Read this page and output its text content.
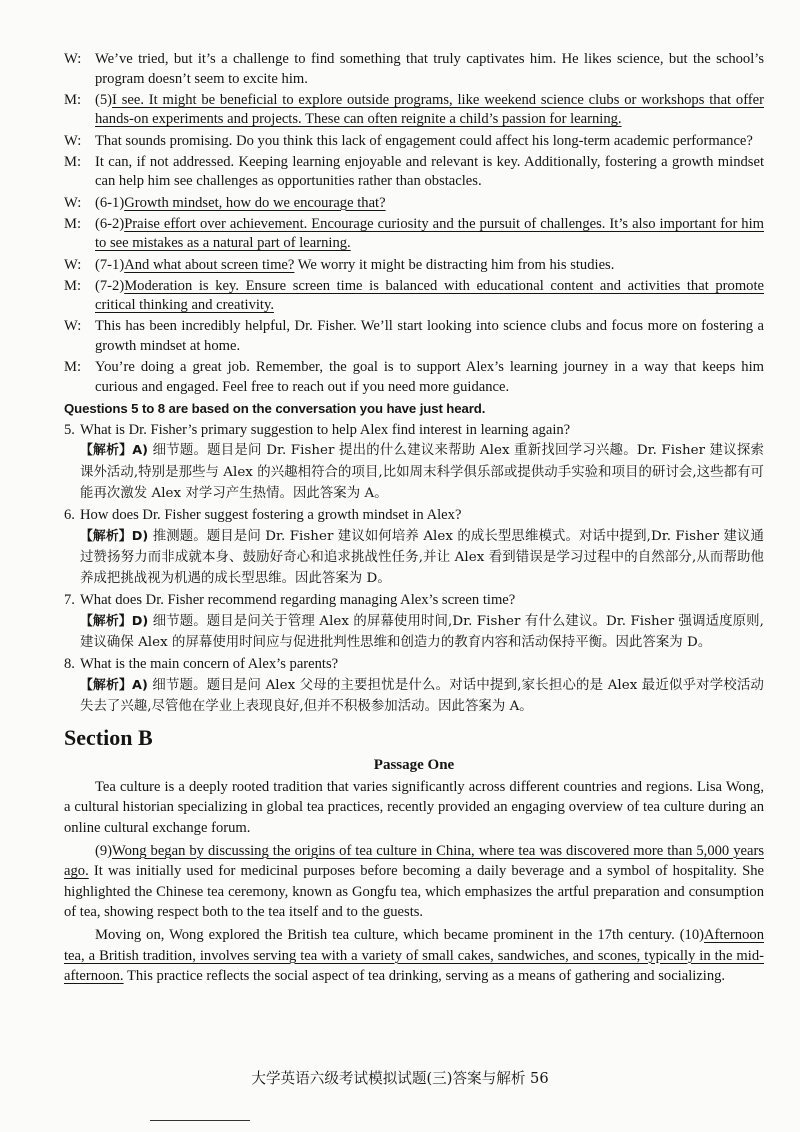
W: We’ve tried, but it’s a challenge to find something that truly captivates him. He likes science, but the school’s program doesn’t seem to excite him.
M: (5)I see. It might be beneficial to explore outside programs, like weekend science clubs or workshops that offer hands-on experiments and projects. These can often reignite a child’s passion for learning.
W: That sounds promising. Do you think this lack of engagement could affect his long-term academic performance?
M: It can, if not addressed. Keeping learning enjoyable and relevant is key. Additionally, fostering a growth mindset can help him see challenges as opportunities rather than obstacles.
W: (6-1)Growth mindset, how do we encourage that?
M: (6-2)Praise effort over achievement. Encourage curiosity and the pursuit of challenges. It’s also important for him to see mistakes as a natural part of learning.
W: (7-1)And what about screen time? We worry it might be distracting him from his studies.
M: (7-2)Moderation is key. Ensure screen time is balanced with educational content and activities that promote critical thinking and creativity.
W: This has been incredibly helpful, Dr. Fisher. We’ll start looking into science clubs and focus more on fostering a growth mindset at home.
M: You’re doing a great job. Remember, the goal is to support Alex’s learning journey in a way that keeps him curious and engaged. Feel free to reach out if you need more guidance.
Questions 5 to 8 are based on the conversation you have just heard.
5. What is Dr. Fisher’s primary suggestion to help Alex find interest in learning again?
【解析】A) 细节题。题目是问 Dr. Fisher 提出的什么建议来帮助 Alex 重新找回学习兴趣。Dr. Fisher 建议探索课外活动,特别是那些与 Alex 的兴趣相符合的项目,比如周末科学俱乐部或提供动手实验和项目的研讨会,这些都有可能再次激发 Alex 对学习产生热情。因此答案为 A。
6. How does Dr. Fisher suggest fostering a growth mindset in Alex?
【解析】D) 推测题。题目是问 Dr. Fisher 建议如何培养 Alex 的成长型思维模式。对话中提到,Dr. Fisher 建议通过赞扬努力而非成就本身、鼓励好奇心和追求挑战性任务,并让 Alex 看到错误是学习过程中的自然部分,从而帮助他养成把挑战视为机遇的成长型思维。因此答案为 D。
7. What does Dr. Fisher recommend regarding managing Alex’s screen time?
【解析】D) 细节题。题目是问关于管理 Alex 的屏幕使用时间,Dr. Fisher 有什么建议。Dr. Fisher 强调适度原则,建议确保 Alex 的屏幕使用时间应与促进批判性思维和创造力的教育内容和活动保持平衡。因此答案为 D。
8. What is the main concern of Alex’s parents?
【解析】A) 细节题。题目是问 Alex 父母的主要担忧是什么。对话中提到,家长担心的是 Alex 最近似乎对学校活动失去了兴趣,尽管他在学业上表现良好,但并不积极参加活动。因此答案为 A。
Section B
Passage One
Tea culture is a deeply rooted tradition that varies significantly across different countries and regions. Lisa Wong, a cultural historian specializing in global tea practices, recently provided an engaging overview of tea culture during an online cultural exchange forum.
(9)Wong began by discussing the origins of tea culture in China, where tea was discovered more than 5,000 years ago. It was initially used for medicinal purposes before becoming a daily beverage and a symbol of hospitality. She highlighted the Chinese tea ceremony, known as Gongfu tea, which emphasizes the artful preparation and consumption of tea, showing respect both to the tea itself and to the guests.
Moving on, Wong explored the British tea culture, which became prominent in the 17th century. (10)Afternoon tea, a British tradition, involves serving tea with a variety of small cakes, sandwiches, and scones, typically in the mid-afternoon. This practice reflects the social aspect of tea drinking, serving as a means of gathering and socializing.
大学英语六级考试模拟试题(三)答案与解析 56
